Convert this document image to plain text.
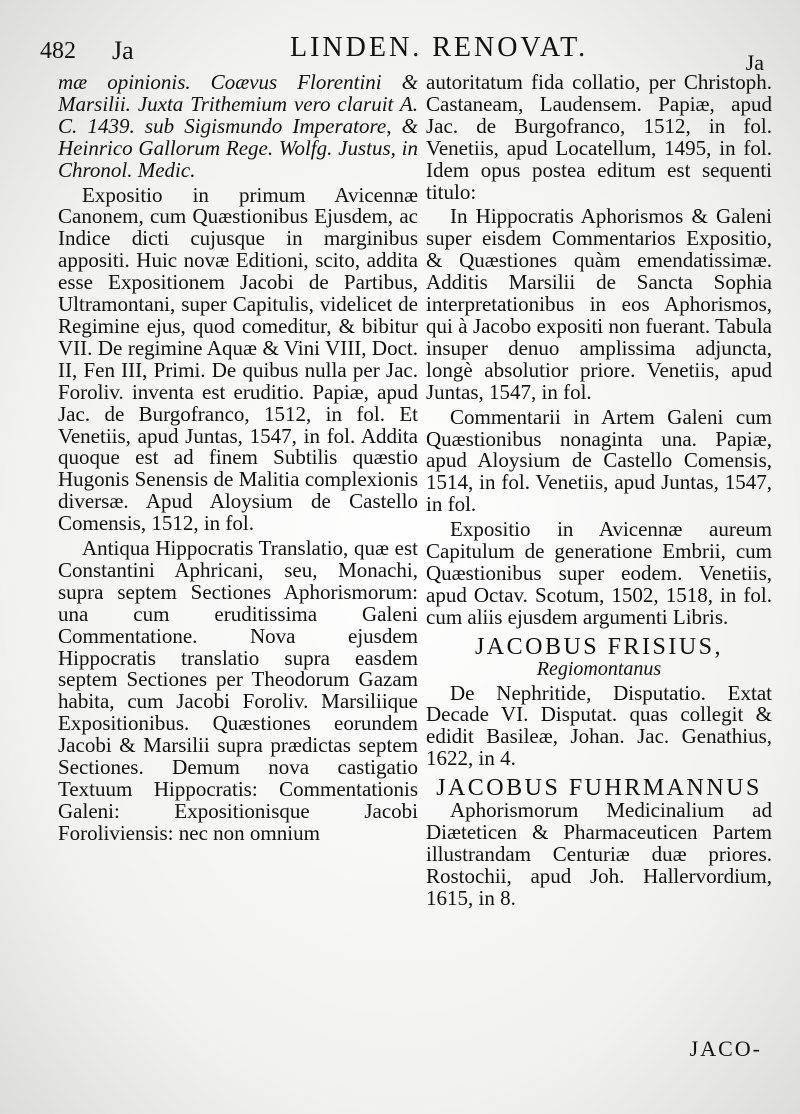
482 Ja	LINDEN. RENOVAT.	Ja

mæ opinionis. Coævus Florentini & Marsilii. Juxta Trithemium vero claruit A. C. 1439. sub Sigismundo Imperatore, & Heinrico Gallorum Rege. Wolfg. Justus, in Chronol. Medic.

Expositio in primum Avicennæ Canonem, cum Quæstionibus Ejusdem, ac Indice dicti cujusque in marginibus appositi. Huic novæ Editioni, scito, addita esse Expositionem Jacobi de Partibus, Ultramontani, super Capitulis, videlicet de Regimine ejus, quod comeditur, & bibitur VII. De regimine Aquæ & Vini VIII, Doct. II, Fen III, Primi. De quibus nulla per Jac. Foroliv. inventa est eruditio. Papiæ, apud Jac. de Burgofranco, 1512, in fol. Et Venetiis, apud Juntas, 1547, in fol. Addita quoque est ad finem Subtilis quæstio Hugonis Senensis de Malitia complexionis diversæ. Apud Aloysium de Castello Comensis, 1512, in fol.

Antiqua Hippocratis Translatio, quæ est Constantini Aphricani, seu, Monachi, supra septem Sectiones Aphorismorum: una cum eruditissima Galeni Commentatione. Nova ejusdem Hippocratis translatio supra easdem septem Sectiones per Theodorum Gazam habita, cum Jacobi Foroliv. Marsiliique Expositionibus. Quæstiones eorundem Jacobi & Marsilii supra prædictas septem Sectiones. Demum nova castigatio Textuum Hippocratis: Commentationis Galeni: Expositionisque Jacobi Foroliviensis: nec non omnium

autoritatum fida collatio, per Christoph. Castaneam, Laudensem. Papiæ, apud Jac. de Burgofranco, 1512, in fol. Venetiis, apud Locatellum, 1495, in fol. Idem opus postea editum est sequenti titulo:

In Hippocratis Aphorismos & Galeni super eisdem Commentarios Expositio, & Quæstiones quàm emendatissimæ. Additis Marsilii de Sancta Sophia interpretationibus in eos Aphorismos, qui à Jacobo expositi non fuerant. Tabula insuper denuo amplissima adjuncta, longè absolutior priore. Venetiis, apud Juntas, 1547, in fol.

Commentarii in Artem Galeni cum Quæstionibus nonaginta una. Papiæ, apud Aloysium de Castello Comensis, 1514, in fol. Venetiis, apud Juntas, 1547, in fol.

Expositio in Avicennæ aureum Capitulum de generatione Embrii, cum Quæstionibus super eodem. Venetiis, apud Octav. Scotum, 1502, 1518, in fol. cum aliis ejusdem argumenti Libris.

JACOBUS FRISIUS,
Regiomontanus

De Nephritide, Disputatio. Extat Decade VI. Disputat. quas collegit & edidit Basileæ, Johan. Jac. Genathius, 1622, in 4.

JACOBUS FUHRMANNUS

Aphorismorum Medicinalium ad Diæteticen & Pharmaceuticen Partem illustrandam Centuriæ duæ priores. Rostochii, apud Joh. Hallervordium, 1615, in 8.

JACO-
